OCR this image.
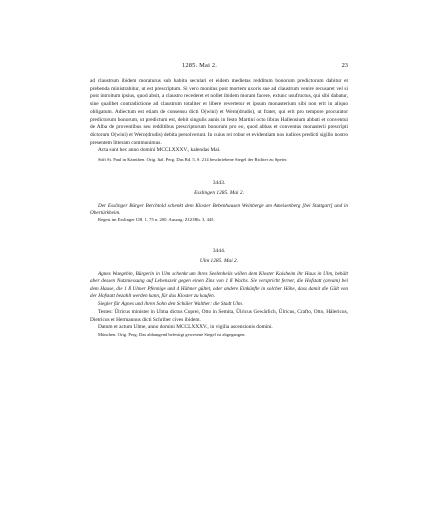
1285. Mai 2.	23

ad claustrum ibidem moraturus sub habitu seculari et eidem medietas redditum bonorum predictorum dabitur et prebenda ministrabitur, ut est prescriptum. Si vero monitus post mortem uxoris sue ad claustrum venire recusaret vel si post introitum ipsius, quod absit, a claustro recederet et nollet ibidem moram facere, extunc usufructus, qui sibi dabatur, sine qualibet contradictione ad claustrum totaliter et libere revertetur et ipsum monasterium sibi non erit in aliquo obligatum. Adiectum est etiam de consensu dicti O(wini) et Wern(drudis), ut frater, qui erit pro tempore procurator predictorum bonorum, ut predictum est, debit singulis annis in festo Martini octo libras Hallensium abbati et conventui de Alba de proventibus seu redditibus prescriptorum bonorum pro eo, quod abbas et conventus monasterii prescripti dictorum O(wini) et Wern(drudis) debita persolverunt. In cuius rei robur et evidentiam nos iudices predicti sigillo nostro presentem litteram communimus.

Acta sunt hec anno domini MCCLXXXV., kalendas Mai.

Stift St. Paul in Kärnthen. Orig. Ital. Perg. Das Bd. 5, S. 214 beschriebene Siegel der Richter zu Speier.

3443.
Esslingen 1285. Mai 2.

Der Esslinger Bürger Berchtold schenkt dem Kloster Bebenhausen Weinberge am Ameisenberg [bei Stuttgart] und in Obertürkheim.

Regest im Esslinger UB. 1, 75 n. 200. Auszug: ZGORh. 3, 445.

3444.
Ulm 1285. Mai 2.

Agnes Waegebin, Bürgerin in Ulm schenkt um ihres Seelenheils willen dem Kloster Kaisheim ihr Haus in Ulm, behält aber dessen Nutzniessung auf Lebenszeit gegen einen Zins von 1 ß Wachs. Sie verspricht ferner, die Hofstatt (aream) bei dem Hause, die 1 ß Ulmer Pfennige und 4 Hühner gültet, oder andere Einkünfte in solcher Höhe, dass damit die Gült von der Hofstatt bezahlt werden kann, für das Kloster zu kaufen.

Siegler für Agnes und ihren Sohn den Schüler Walther: die Stadt Ulm.

Testes: Ûlricus minister in Ulma dictus Coprei, Otto in Semita, Ûlricus Gewârlich, Ûlricus, Crafto, Otto, Hâlericus, Dietricus et Hermannus dicti Schriber cives ibidem.

Datum et actum Ulme, anno domini MCCLXXXV., in vigilia ascensionis domini.

München. Orig. Perg. Das abhangend befestigt gewesene Siegel ist abgegangen.
